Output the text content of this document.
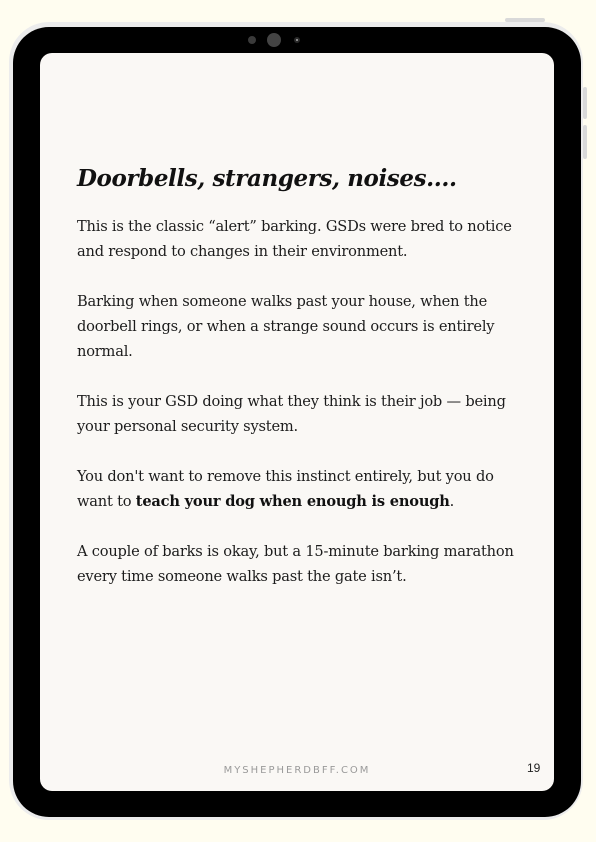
Doorbells, strangers, noises....

This is the classic “alert” barking. GSDs were bred to notice and respond to changes in their environment.

Barking when someone walks past your house, when the doorbell rings, or when a strange sound occurs is entirely normal.

This is your GSD doing what they think is their job — being your personal security system.

You don't want to remove this instinct entirely, but you do want to teach your dog when enough is enough.

A couple of barks is okay, but a 15-minute barking marathon every time someone walks past the gate isn’t.

MYSHEPHERDBFF.COM	19
